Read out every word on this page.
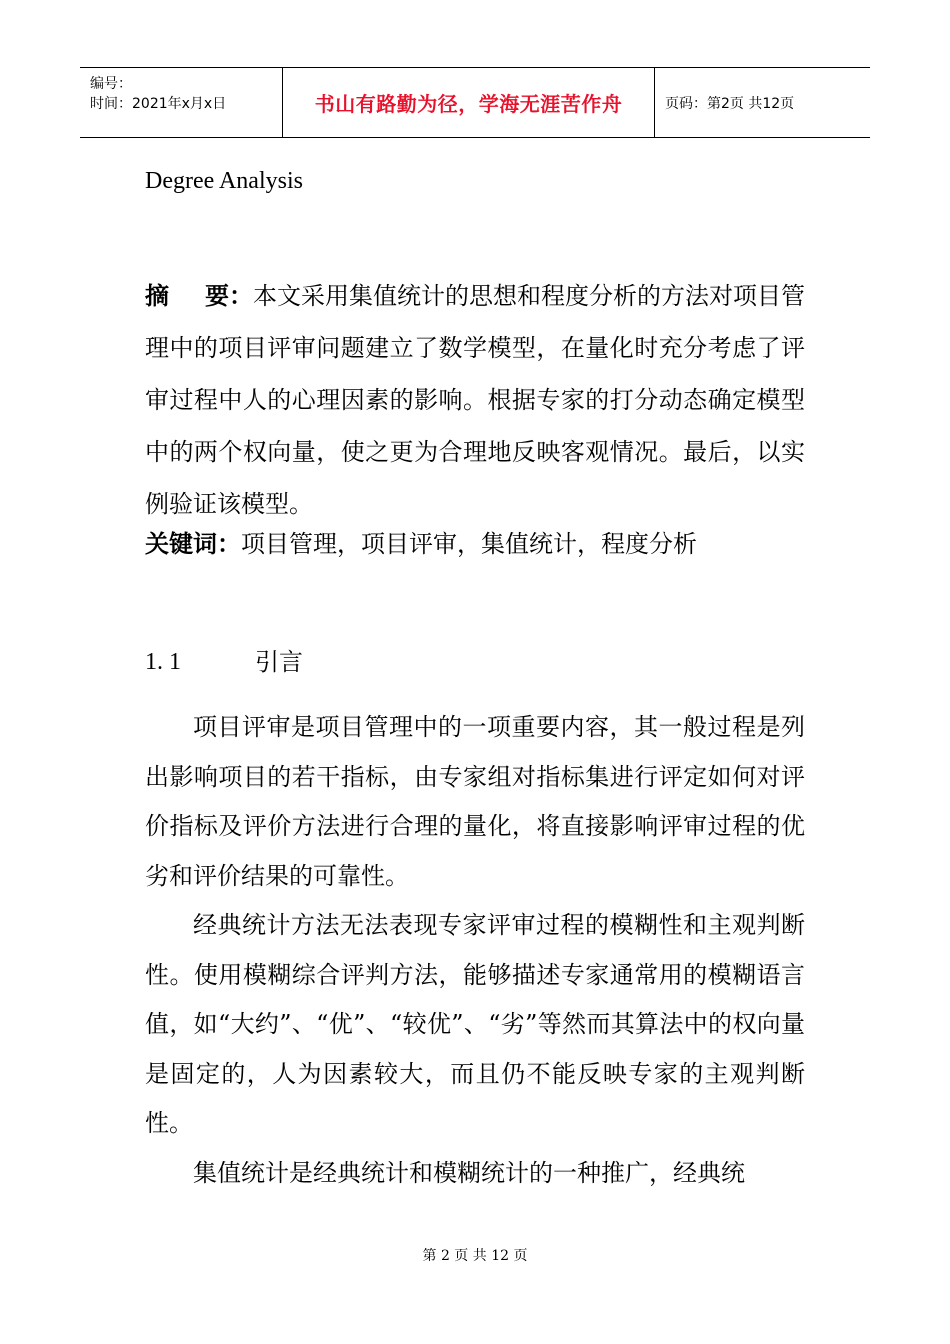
编号：
时间：2021年x月x日	书山有路勤为径，学海无涯苦作舟	页码：第2页 共12页
Degree Analysis
摘 要：本文采用集值统计的思想和程度分析的方法对项目管理中的项目评审问题建立了数学模型，在量化时充分考虑了评审过程中人的心理因素的影响。根据专家的打分动态确定模型中的两个权向量，使之更为合理地反映客观情况。最后，以实例验证该模型。
关键词：项目管理，项目评审，集值统计，程度分析
1. 1	引言

项目评审是项目管理中的一项重要内容，其一般过程是列出影响项目的若干指标，由专家组对指标集进行评定如何对评价指标及评价方法进行合理的量化，将直接影响评审过程的优劣和评价结果的可靠性。

经典统计方法无法表现专家评审过程的模糊性和主观判断性。使用模糊综合评判方法，能够描述专家通常用的模糊语言值，如“大约”、“优”、“较优”、“劣”等然而其算法中的权向量是固定的，人为因素较大，而且仍不能反映专家的主观判断性。

集值统计是经典统计和模糊统计的一种推广，经典统

第 2 页 共 12 页
